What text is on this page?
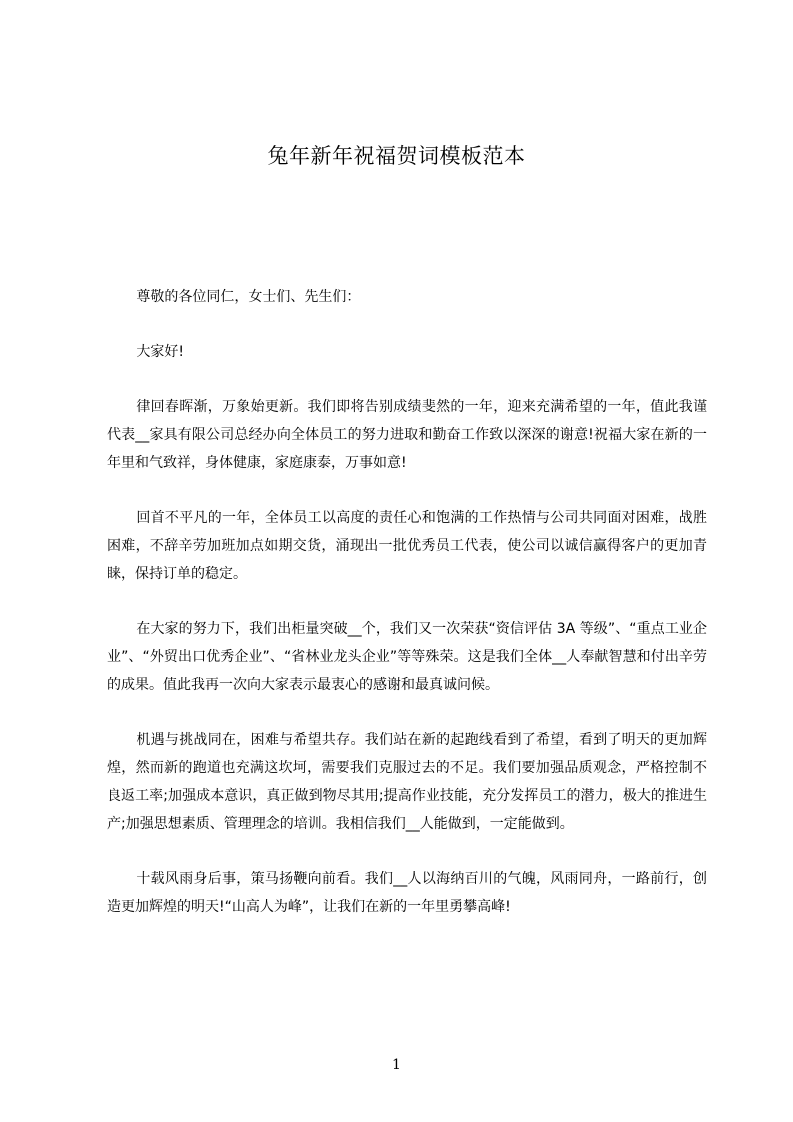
兔年新年祝福贺词模板范本

尊敬的各位同仁，女士们、先生们：

大家好!

律回春晖渐，万象始更新。我们即将告别成绩斐然的一年，迎来充满希望的一年，值此我谨代表__家具有限公司总经办向全体员工的努力进取和勤奋工作致以深深的谢意!祝福大家在新的一年里和气致祥，身体健康，家庭康泰，万事如意!

回首不平凡的一年，全体员工以高度的责任心和饱满的工作热情与公司共同面对困难，战胜困难，不辞辛劳加班加点如期交货，涌现出一批优秀员工代表，使公司以诚信赢得客户的更加青睐，保持订单的稳定。

在大家的努力下，我们出柜量突破__个，我们又一次荣获“资信评估 3A 等级”、“重点工业企业”、“外贸出口优秀企业”、“省林业龙头企业”等等殊荣。这是我们全体__人奉献智慧和付出辛劳的成果。值此我再一次向大家表示最衷心的感谢和最真诚问候。

机遇与挑战同在，困难与希望共存。我们站在新的起跑线看到了希望，看到了明天的更加辉煌，然而新的跑道也充满这坎坷，需要我们克服过去的不足。我们要加强品质观念，严格控制不良返工率;加强成本意识，真正做到物尽其用;提高作业技能，充分发挥员工的潜力，极大的推进生产;加强思想素质、管理理念的培训。我相信我们__人能做到，一定能做到。

十载风雨身后事，策马扬鞭向前看。我们__人以海纳百川的气魄，风雨同舟，一路前行，创造更加辉煌的明天!“山高人为峰”，让我们在新的一年里勇攀高峰!

1
